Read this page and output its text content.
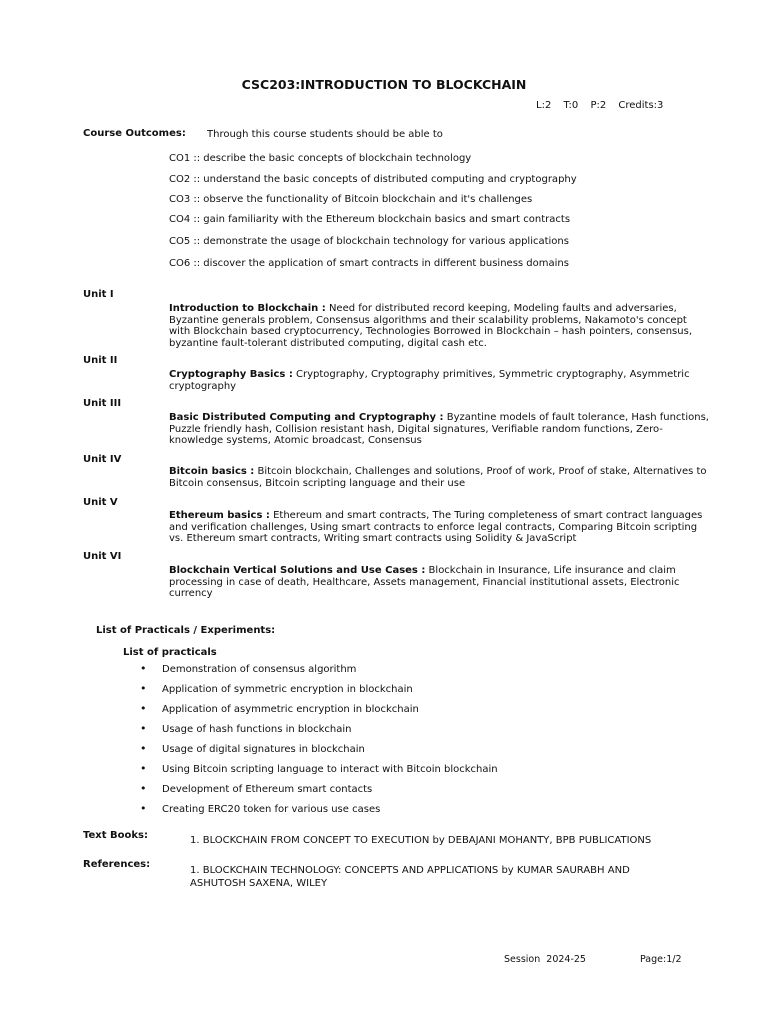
CSC203:INTRODUCTION TO BLOCKCHAIN
L:2 T:0 P:2 Credits:3
Course Outcomes: Through this course students should be able to
CO1 :: describe the basic concepts of blockchain technology
CO2 :: understand the basic concepts of distributed computing and cryptography
CO3 :: observe the functionality of Bitcoin blockchain and it's challenges
CO4 :: gain familiarity with the Ethereum blockchain basics and smart contracts
CO5 :: demonstrate the usage of blockchain technology for various applications
CO6 :: discover the application of smart contracts in different business domains
Unit I
Introduction to Blockchain : Need for distributed record keeping, Modeling faults and adversaries, Byzantine generals problem, Consensus algorithms and their scalability problems, Nakamoto's concept with Blockchain based cryptocurrency, Technologies Borrowed in Blockchain – hash pointers, consensus, byzantine fault-tolerant distributed computing, digital cash etc.
Unit II
Cryptography Basics : Cryptography, Cryptography primitives, Symmetric cryptography, Asymmetric cryptography
Unit III
Basic Distributed Computing and Cryptography : Byzantine models of fault tolerance, Hash functions, Puzzle friendly hash, Collision resistant hash, Digital signatures, Verifiable random functions, Zero-knowledge systems, Atomic broadcast, Consensus
Unit IV
Bitcoin basics : Bitcoin blockchain, Challenges and solutions, Proof of work, Proof of stake, Alternatives to Bitcoin consensus, Bitcoin scripting language and their use
Unit V
Ethereum basics : Ethereum and smart contracts, The Turing completeness of smart contract languages and verification challenges, Using smart contracts to enforce legal contracts, Comparing Bitcoin scripting vs. Ethereum smart contracts, Writing smart contracts using Solidity & JavaScript
Unit VI
Blockchain Vertical Solutions and Use Cases : Blockchain in Insurance, Life insurance and claim processing in case of death, Healthcare, Assets management, Financial institutional assets, Electronic currency
List of Practicals / Experiments:
List of practicals
• Demonstration of consensus algorithm
• Application of symmetric encryption in blockchain
• Application of asymmetric encryption in blockchain
• Usage of hash functions in blockchain
• Usage of digital signatures in blockchain
• Using Bitcoin scripting language to interact with Bitcoin blockchain
• Development of Ethereum smart contacts
• Creating ERC20 token for various use cases
Text Books:	1. BLOCKCHAIN FROM CONCEPT TO EXECUTION by DEBAJANI MOHANTY, BPB PUBLICATIONS
References:
1. BLOCKCHAIN TECHNOLOGY: CONCEPTS AND APPLICATIONS by KUMAR SAURABH AND
ASHUTOSH SAXENA, WILEY
Session  2024-25	Page:1/2
